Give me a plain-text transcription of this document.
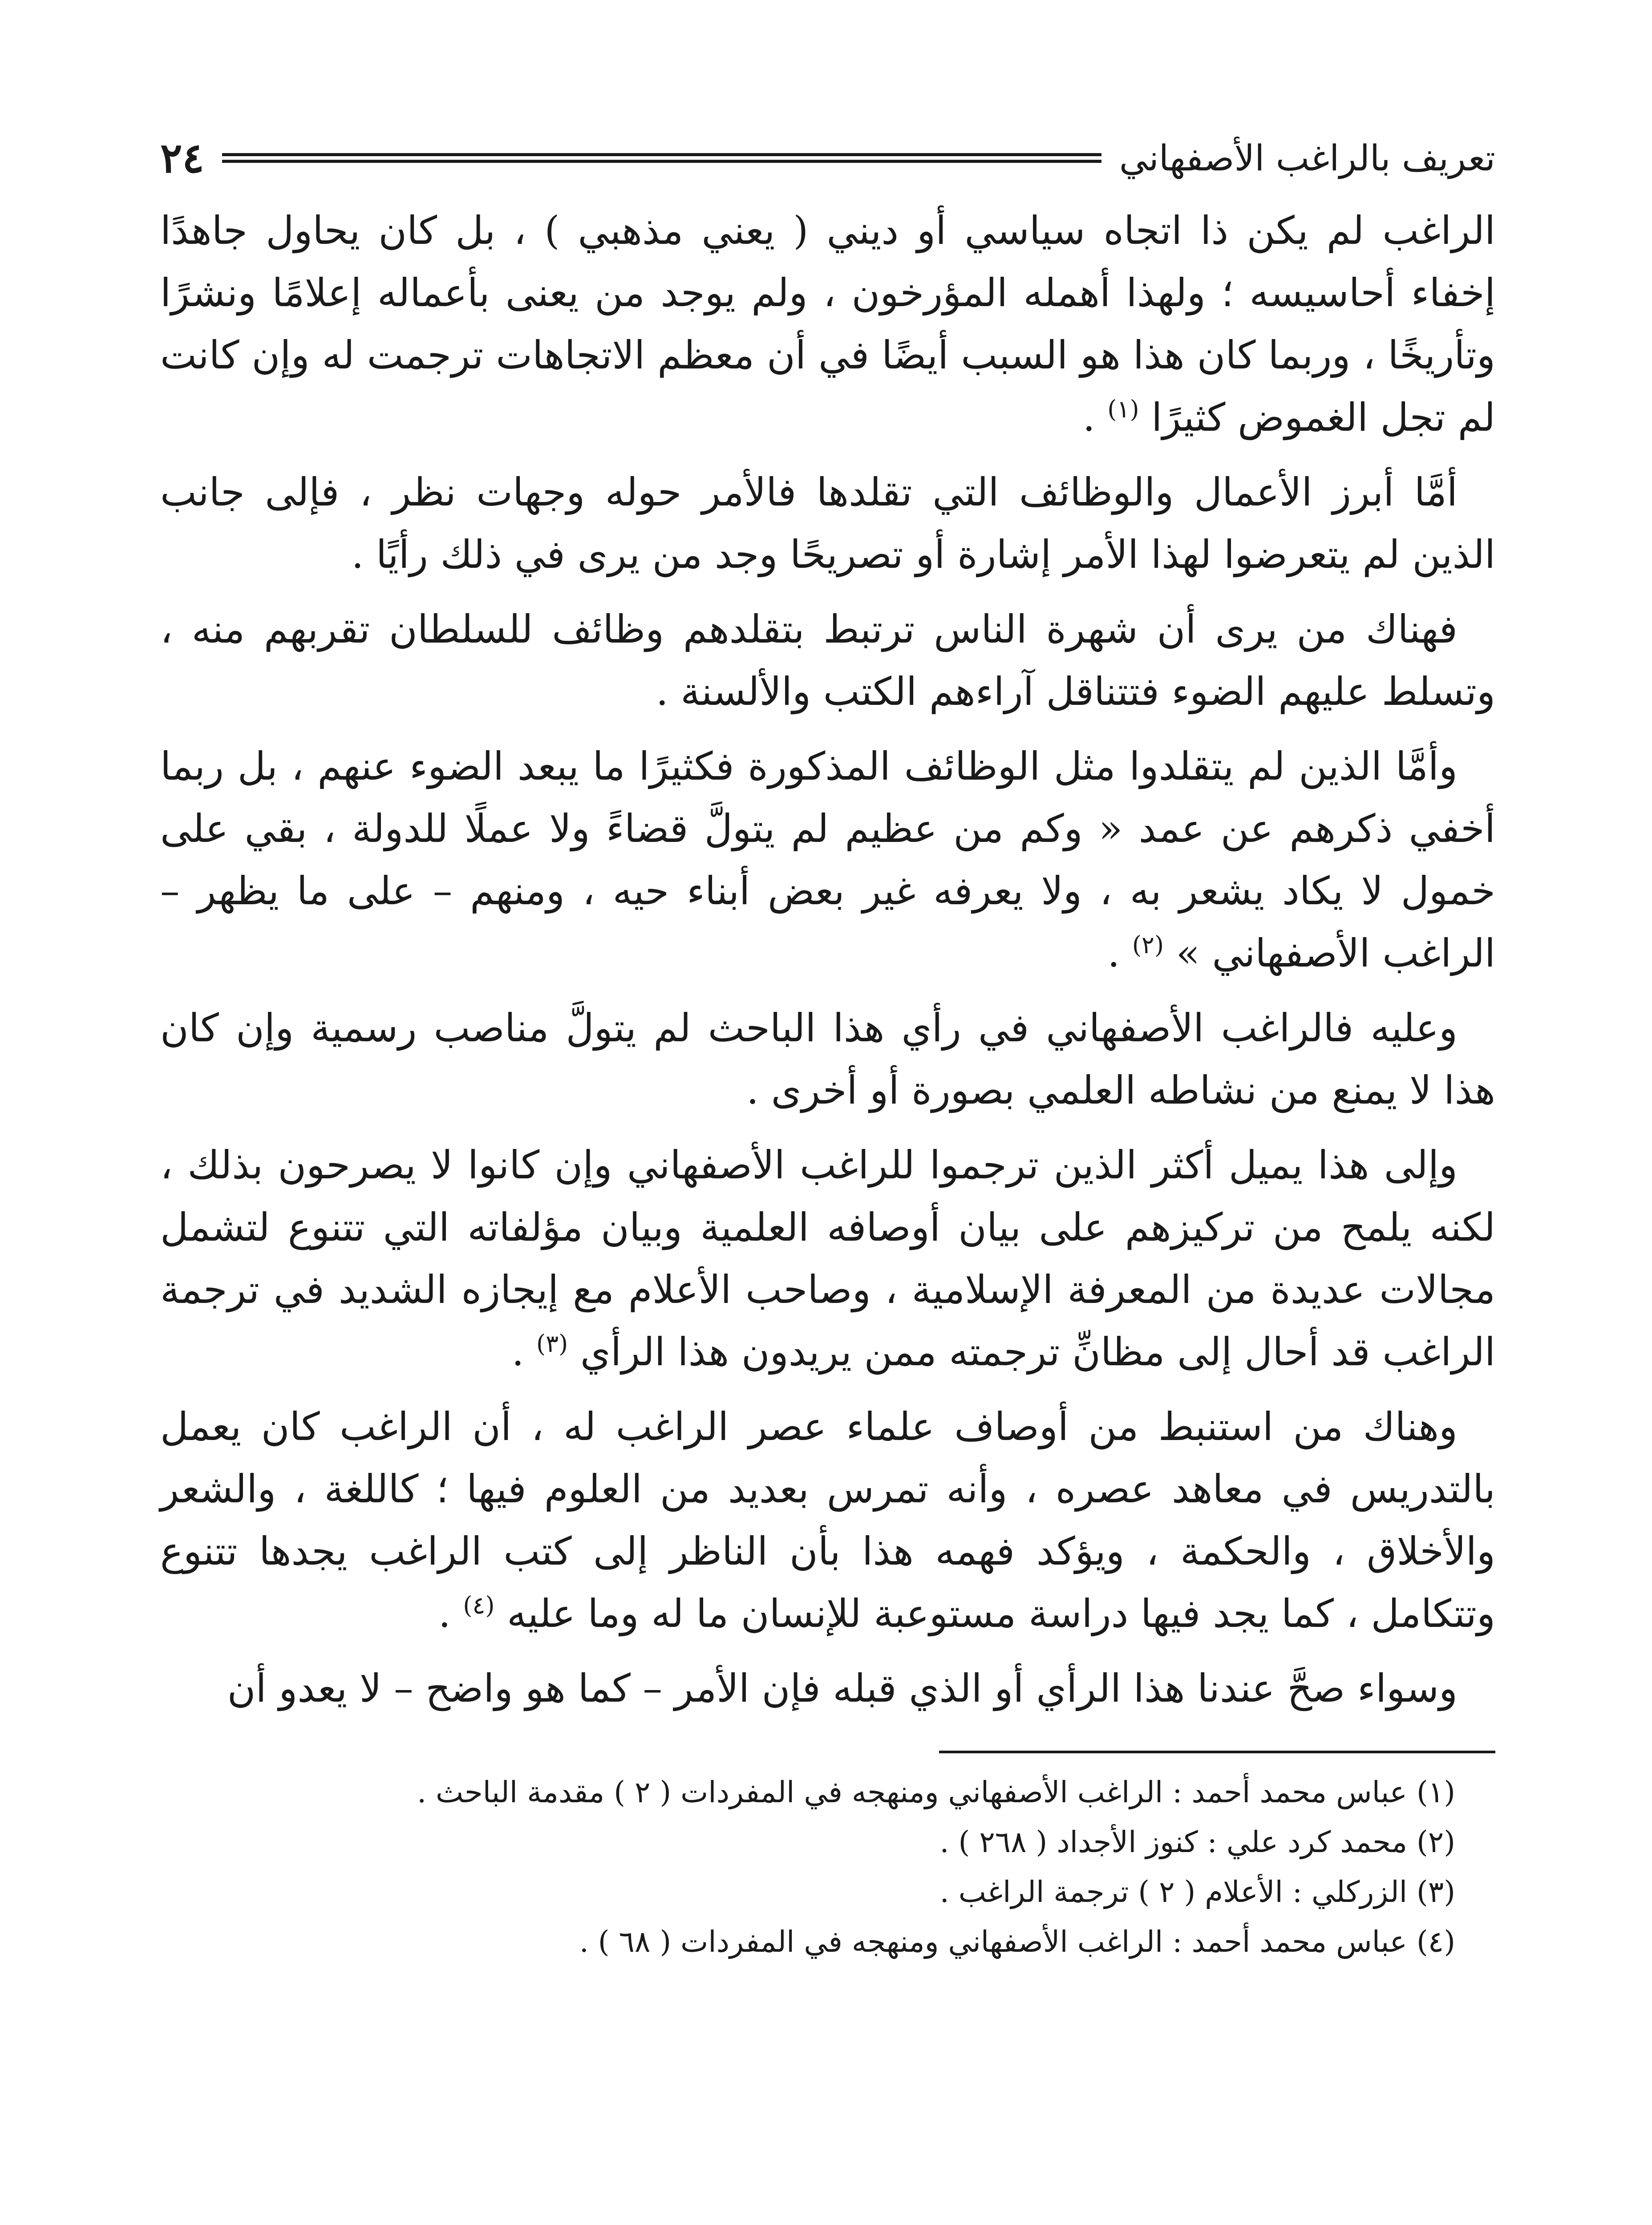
تعريف بالراغب الأصفهاني
٢٤

الراغب لم يكن ذا اتجاه سياسي أو ديني ( يعني مذهبي ) ، بل كان يحاول جاهدًا إخفاء أحاسيسه ؛ ولهذا أهمله المؤرخون ، ولم يوجد من يعنى بأعماله إعلامًا ونشرًا وتأريخًا ، وربما كان هذا هو السبب أيضًا في أن معظم الاتجاهات ترجمت له وإن كانت لم تجل الغموض كثيرًا $^{(١)}$ .

أمَّا أبرز الأعمال والوظائف التي تقلدها فالأمر حوله وجهات نظر ، فإلى جانب الذين لم يتعرضوا لهذا الأمر إشارة أو تصريحًا وجد من يرى في ذلك رأيًا .

فهناك من يرى أن شهرة الناس ترتبط بتقلدهم وظائف للسلطان تقربهم منه ، وتسلط عليهم الضوء فتتناقل آراءهم الكتب والألسنة .

وأمَّا الذين لم يتقلدوا مثل الوظائف المذكورة فكثيرًا ما يبعد الضوء عنهم ، بل ربما أخفي ذكرهم عن عمد « وكم من عظيم لم يتولَّ قضاءً ولا عملًا للدولة ، بقي على خمول لا يكاد يشعر به ، ولا يعرفه غير بعض أبناء حيه ، ومنهم – على ما يظهر – الراغب الأصفهاني » $^{(٢)}$ .

وعليه فالراغب الأصفهاني في رأي هذا الباحث لم يتولَّ مناصب رسمية وإن كان هذا لا يمنع من نشاطه العلمي بصورة أو أخرى .

وإلى هذا يميل أكثر الذين ترجموا للراغب الأصفهاني وإن كانوا لا يصرحون بذلك ، لكنه يلمح من تركيزهم على بيان أوصافه العلمية وبيان مؤلفاته التي تتنوع لتشمل مجالات عديدة من المعرفة الإسلامية ، وصاحب الأعلام مع إيجازه الشديد في ترجمة الراغب قد أحال إلى مظانِّ ترجمته ممن يريدون هذا الرأي $^{(٣)}$ .

وهناك من استنبط من أوصاف علماء عصر الراغب له ، أن الراغب كان يعمل بالتدريس في معاهد عصره ، وأنه تمرس بعديد من العلوم فيها ؛ كاللغة ، والشعر والأخلاق ، والحكمة ، ويؤكد فهمه هذا بأن الناظر إلى كتب الراغب يجدها تتنوع وتتكامل ، كما يجد فيها دراسة مستوعبة للإنسان ما له وما عليه $^{(٤)}$ .

وسواء صحَّ عندنا هذا الرأي أو الذي قبله فإن الأمر – كما هو واضح – لا يعدو أن

(١) عباس محمد أحمد : الراغب الأصفهاني ومنهجه في المفردات ( ٢ ) مقدمة الباحث .

(٢) محمد كرد علي : كنوز الأجداد ( ٢٦٨ ) .

(٣) الزركلي : الأعلام ( ٢ ) ترجمة الراغب .

(٤) عباس محمد أحمد : الراغب الأصفهاني ومنهجه في المفردات ( ٦٨ ) .
